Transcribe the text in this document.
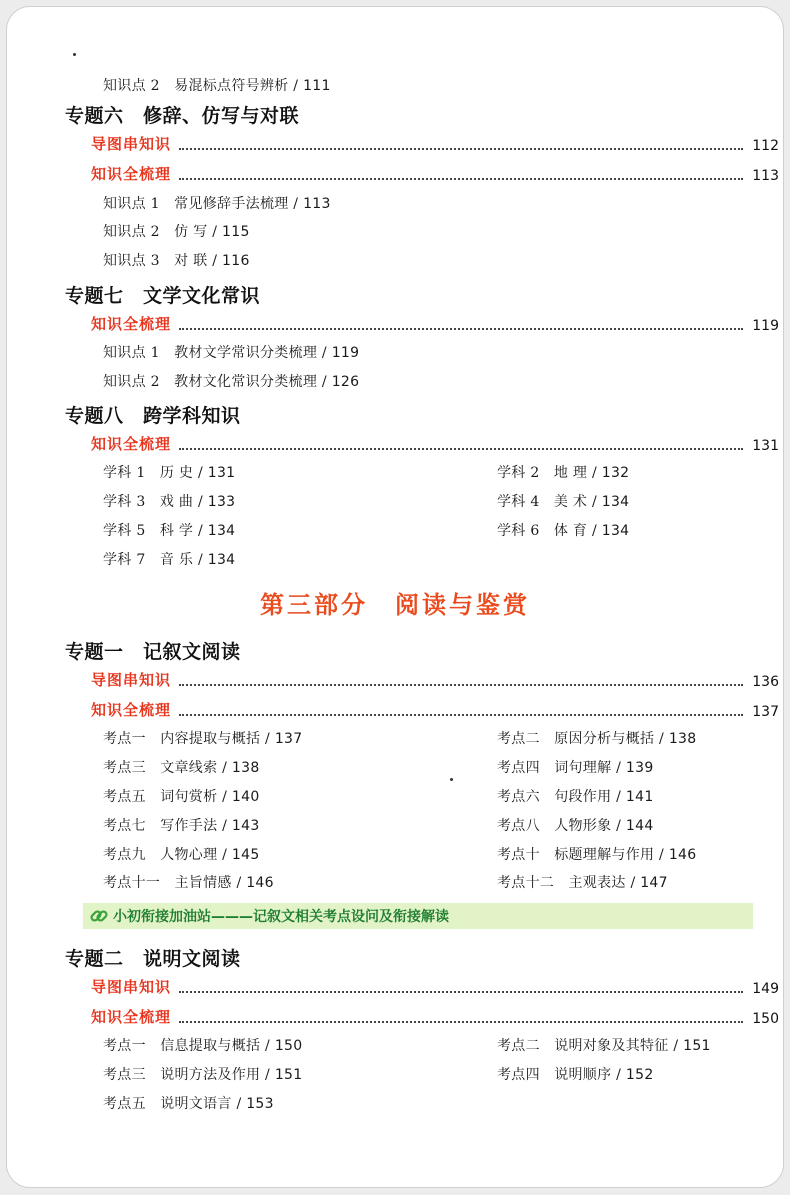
知识点 2　易混标点符号辨析 / 111
专题六　修辞、仿写与对联
导图串知识	112
知识全梳理	113
知识点 1　常见修辞手法梳理 / 113
知识点 2　仿 写 / 115
知识点 3　对 联 / 116
专题七　文学文化常识
知识全梳理	119
知识点 1　教材文学常识分类梳理 / 119
知识点 2　教材文化常识分类梳理 / 126
专题八　跨学科知识
知识全梳理	131
学科 1　历 史 / 131	学科 2　地 理 / 132
学科 3　戏 曲 / 133	学科 4　美 术 / 134
学科 5　科 学 / 134	学科 6　体 育 / 134
学科 7　音 乐 / 134
第三部分　阅读与鉴赏
专题一　记叙文阅读
导图串知识	136
知识全梳理	137
考点一　内容提取与概括 / 137	考点二　原因分析与概括 / 138
考点三　文章线索 / 138	考点四　词句理解 / 139
考点五　词句赏析 / 140	考点六　句段作用 / 141
考点七　写作手法 / 143	考点八　人物形象 / 144
考点九　人物心理 / 145	考点十　标题理解与作用 / 146
考点十一　主旨情感 / 146	考点十二　主观表达 / 147
小初衔接加油站———记叙文相关考点设问及衔接解读
专题二　说明文阅读
导图串知识	149
知识全梳理	150
考点一　信息提取与概括 / 150	考点二　说明对象及其特征 / 151
考点三　说明方法及作用 / 151	考点四　说明顺序 / 152
考点五　说明文语言 / 153
